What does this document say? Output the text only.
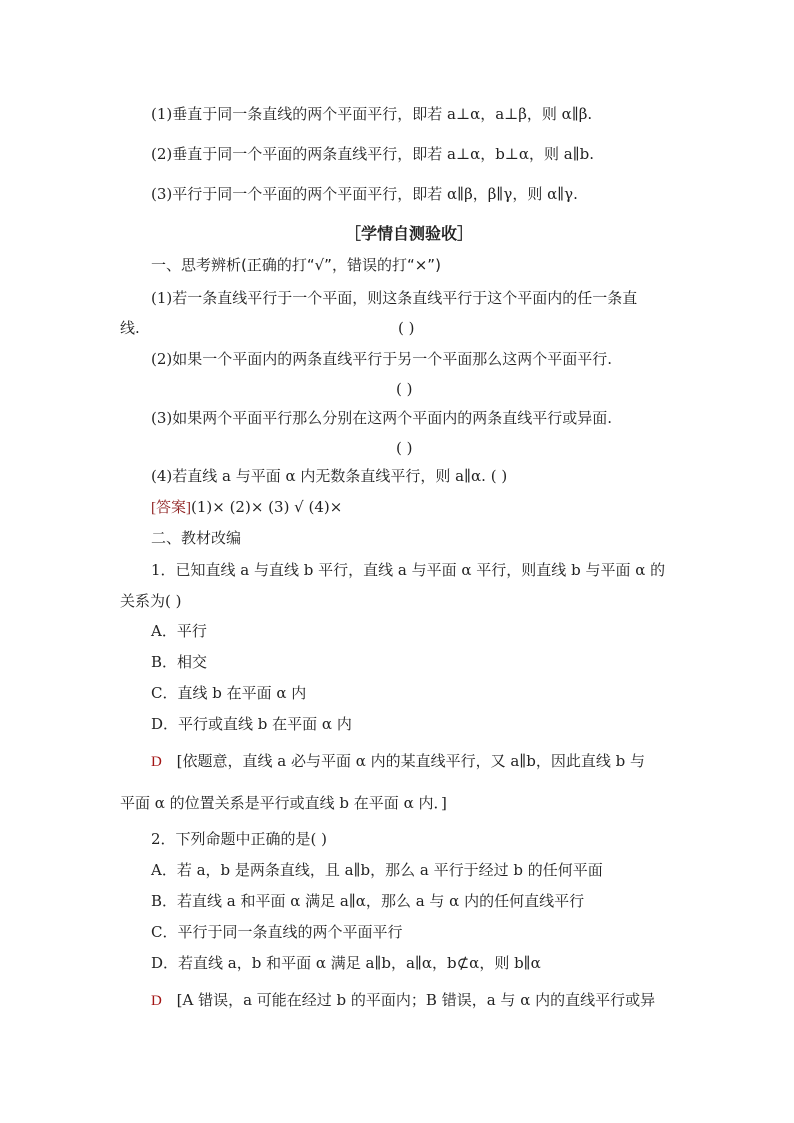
(1)垂直于同一条直线的两个平面平行，即若 a⊥α，a⊥β，则 α∥β.
(2)垂直于同一个平面的两条直线平行，即若 a⊥α，b⊥α，则 a∥b.
(3)平行于同一个平面的两个平面平行，即若 α∥β，β∥γ，则 α∥γ.
［学情自测验收］
一、思考辨析(正确的打“√”，错误的打“×”)
(1)若一条直线平行于一个平面，则这条直线平行于这个平面内的任一条直
线.	( )
(2)如果一个平面内的两条直线平行于另一个平面那么这两个平面平行.
( )
(3)如果两个平面平行那么分别在这两个平面内的两条直线平行或异面.
( )
(4)若直线 a 与平面 α 内无数条直线平行，则 a∥α. ( )
[答案](1)× (2)× (3) √ (4)×
二、教材改编
1．已知直线 a 与直线 b 平行，直线 a 与平面 α 平行，则直线 b 与平面 α 的
关系为( )
A．平行
B．相交
C．直线 b 在平面 α 内
D．平行或直线 b 在平面 α 内
D [依题意，直线 a 必与平面 α 内的某直线平行，又 a∥b，因此直线 b 与
平面 α 的位置关系是平行或直线 b 在平面 α 内．]
2．下列命题中正确的是( )
A．若 a，b 是两条直线，且 a∥b，那么 a 平行于经过 b 的任何平面
B．若直线 a 和平面 α 满足 a∥α，那么 a 与 α 内的任何直线平行
C．平行于同一条直线的两个平面平行
D．若直线 a，b 和平面 α 满足 a∥b，a∥α，b⊄α，则 b∥α
D [A 错误，a 可能在经过 b 的平面内；B 错误，a 与 α 内的直线平行或异
